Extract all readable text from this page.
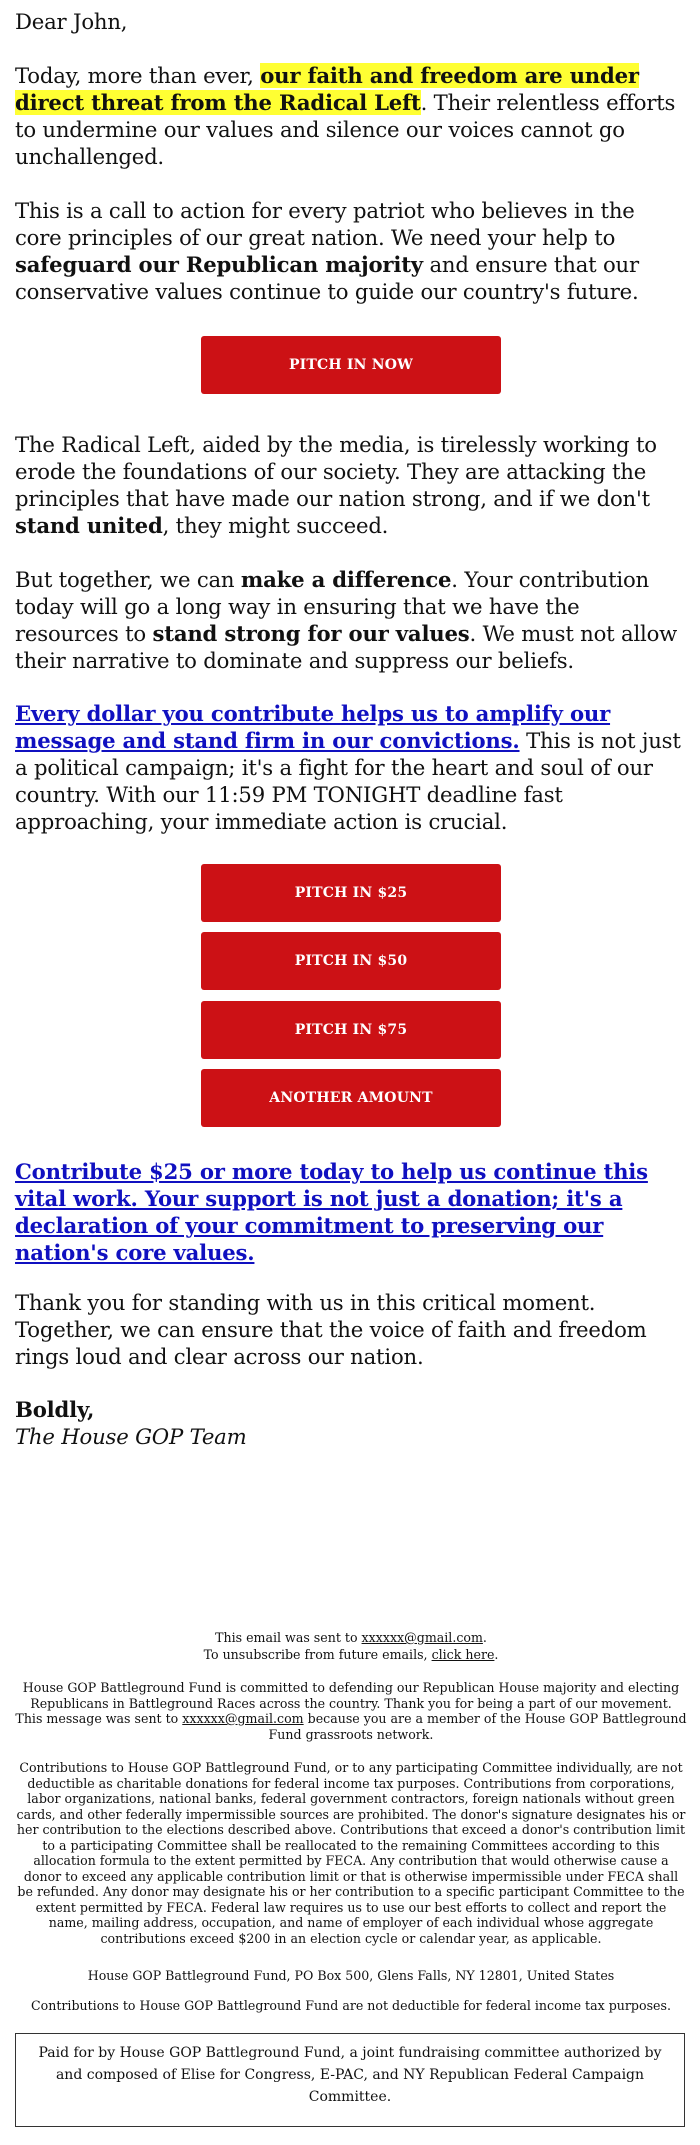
Dear John,

Today, more than ever, our faith and freedom are under direct threat from the Radical Left. Their relentless efforts to undermine our values and silence our voices cannot go unchallenged.

This is a call to action for every patriot who believes in the core principles of our great nation. We need your help to safeguard our Republican majority and ensure that our conservative values continue to guide our country's future.

PITCH IN NOW

The Radical Left, aided by the media, is tirelessly working to erode the foundations of our society. They are attacking the principles that have made our nation strong, and if we don't stand united, they might succeed.

But together, we can make a difference. Your contribution today will go a long way in ensuring that we have the resources to stand strong for our values. We must not allow their narrative to dominate and suppress our beliefs.

Every dollar you contribute helps us to amplify our message and stand firm in our convictions. This is not just a political campaign; it's a fight for the heart and soul of our country. With our 11:59 PM TONIGHT deadline fast approaching, your immediate action is crucial.

PITCH IN $25
PITCH IN $50
PITCH IN $75
ANOTHER AMOUNT

Contribute $25 or more today to help us continue this vital work. Your support is not just a donation; it's a declaration of your commitment to preserving our nation's core values.

Thank you for standing with us in this critical moment. Together, we can ensure that the voice of faith and freedom rings loud and clear across our nation.

Boldly,

The House GOP Team

This email was sent to xxxxxx@gmail.com.

To unsubscribe from future emails, click here.

House GOP Battleground Fund is committed to defending our Republican House majority and electing Republicans in Battleground Races across the country. Thank you for being a part of our movement. This message was sent to xxxxxx@gmail.com because you are a member of the House GOP Battleground Fund grassroots network.

Contributions to House GOP Battleground Fund, or to any participating Committee individually, are not deductible as charitable donations for federal income tax purposes. Contributions from corporations, labor organizations, national banks, federal government contractors, foreign nationals without green cards, and other federally impermissible sources are prohibited. The donor's signature designates his or her contribution to the elections described above. Contributions that exceed a donor's contribution limit to a participating Committee shall be reallocated to the remaining Committees according to this allocation formula to the extent permitted by FECA. Any contribution that would otherwise cause a donor to exceed any applicable contribution limit or that is otherwise impermissible under FECA shall be refunded. Any donor may designate his or her contribution to a specific participant Committee to the extent permitted by FECA. Federal law requires us to use our best efforts to collect and report the name, mailing address, occupation, and name of employer of each individual whose aggregate contributions exceed $200 in an election cycle or calendar year, as applicable.

House GOP Battleground Fund, PO Box 500, Glens Falls, NY 12801, United States

Contributions to House GOP Battleground Fund are not deductible for federal income tax purposes.

Paid for by House GOP Battleground Fund, a joint fundraising committee authorized by and composed of Elise for Congress, E-PAC, and NY Republican Federal Campaign Committee.
